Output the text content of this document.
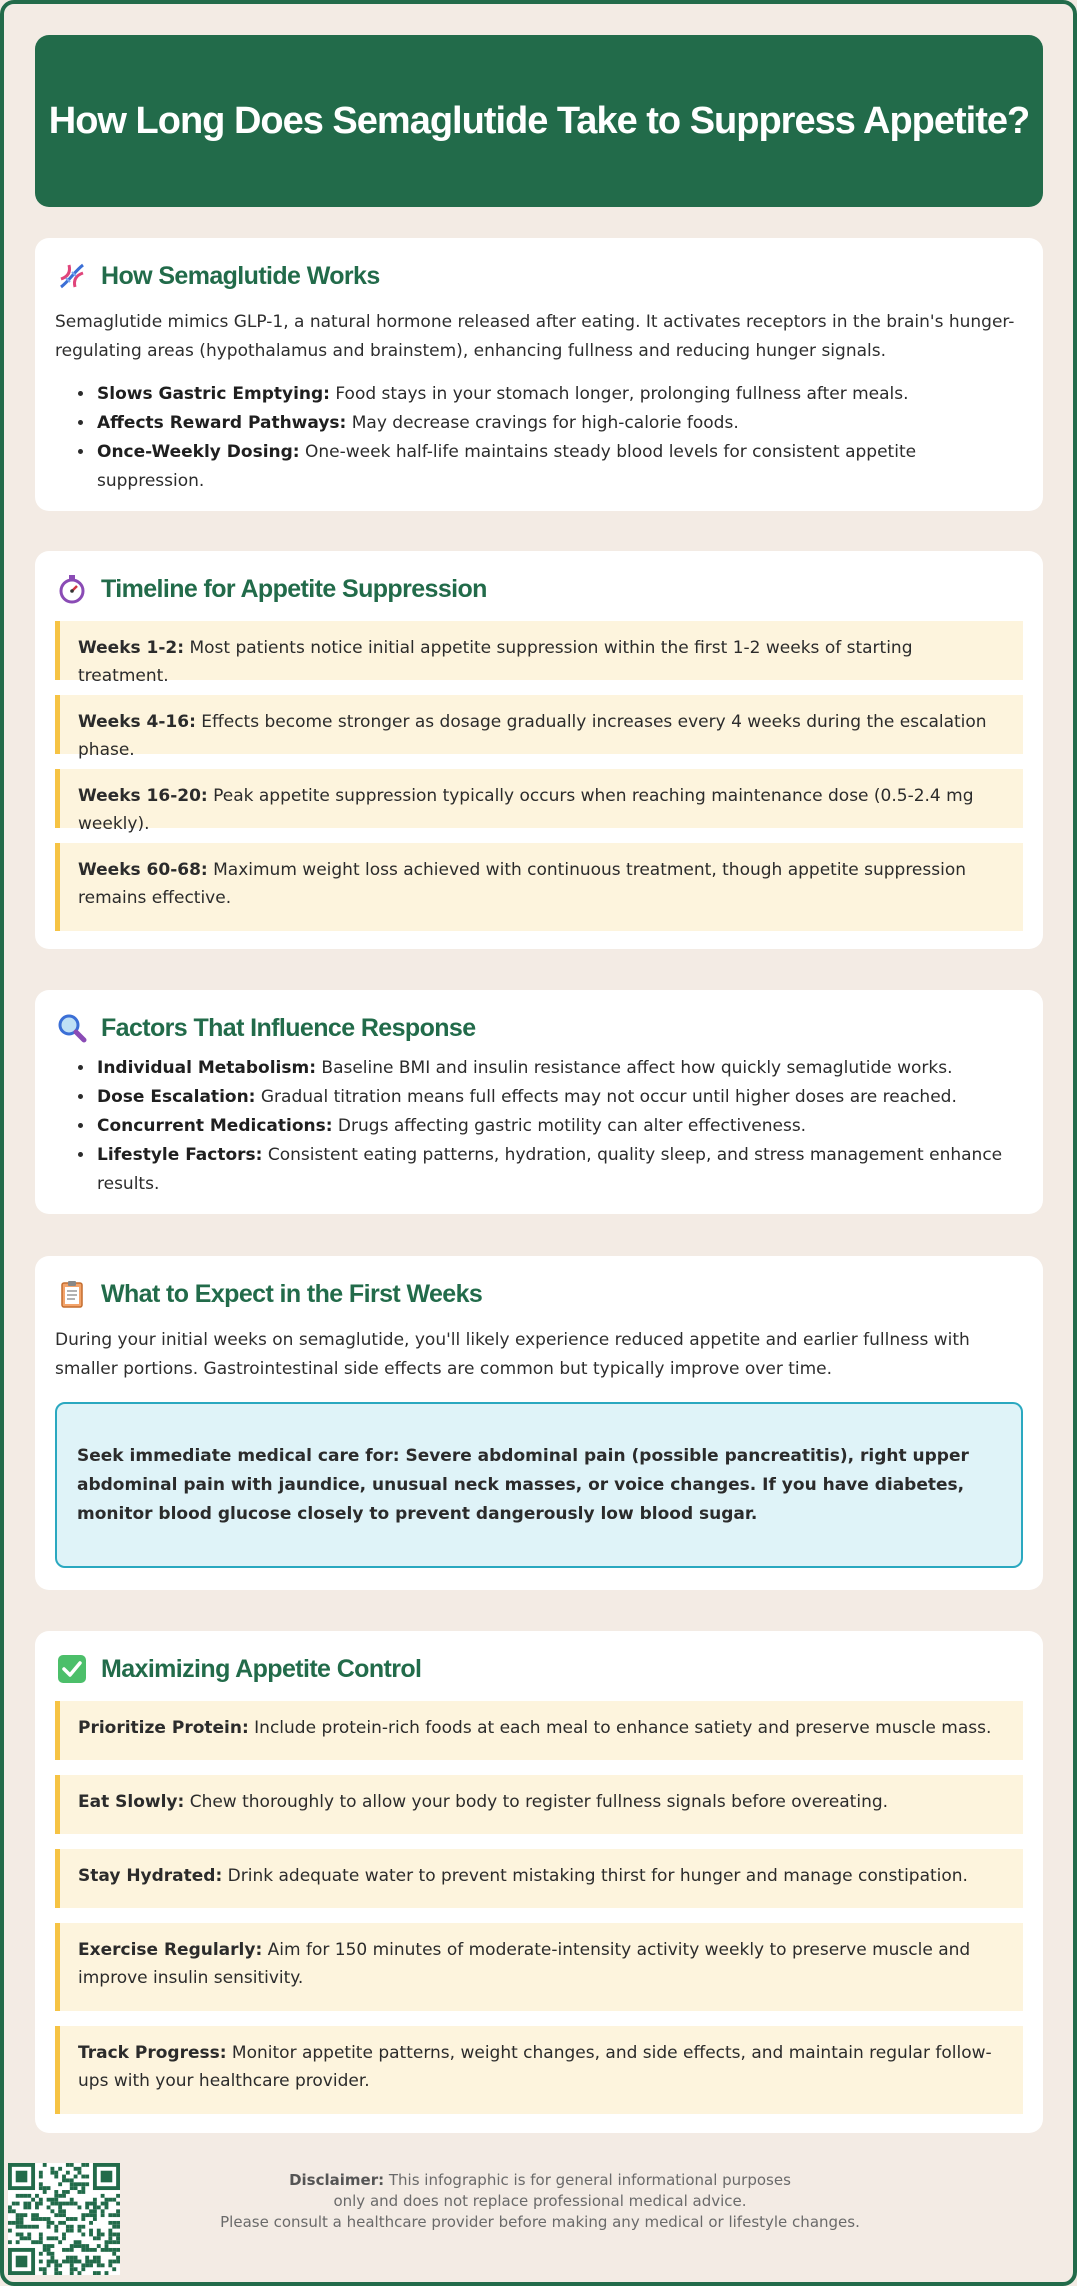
How Long Does Semaglutide Take to Suppress Appetite?
How Semaglutide Works

Semaglutide mimics GLP-1, a natural hormone released after eating. It activates receptors in the brain's hunger-regulating areas (hypothalamus and brainstem), enhancing fullness and reducing hunger signals.

• Slows Gastric Emptying: Food stays in your stomach longer, prolonging fullness after meals.
• Affects Reward Pathways: May decrease cravings for high-calorie foods.
• Once-Weekly Dosing: One-week half-life maintains steady blood levels for consistent appetite suppression.
Timeline for Appetite Suppression
Weeks 1-2: Most patients notice initial appetite suppression within the first 1-2 weeks of starting treatment.
Weeks 4-16: Effects become stronger as dosage gradually increases every 4 weeks during the escalation phase.
Weeks 16-20: Peak appetite suppression typically occurs when reaching maintenance dose (0.5-2.4 mg weekly).
Weeks 60-68: Maximum weight loss achieved with continuous treatment, though appetite suppression remains effective.
Factors That Influence Response
• Individual Metabolism: Baseline BMI and insulin resistance affect how quickly semaglutide works.
• Dose Escalation: Gradual titration means full effects may not occur until higher doses are reached.
• Concurrent Medications: Drugs affecting gastric motility can alter effectiveness.
• Lifestyle Factors: Consistent eating patterns, hydration, quality sleep, and stress management enhance results.
What to Expect in the First Weeks

During your initial weeks on semaglutide, you'll likely experience reduced appetite and earlier fullness with smaller portions. Gastrointestinal side effects are common but typically improve over time.

Seek immediate medical care for: Severe abdominal pain (possible pancreatitis), right upper abdominal pain with jaundice, unusual neck masses, or voice changes. If you have diabetes, monitor blood glucose closely to prevent dangerously low blood sugar.
Maximizing Appetite Control
Prioritize Protein: Include protein-rich foods at each meal to enhance satiety and preserve muscle mass.
Eat Slowly: Chew thoroughly to allow your body to register fullness signals before overeating.
Stay Hydrated: Drink adequate water to prevent mistaking thirst for hunger and manage constipation.
Exercise Regularly: Aim for 150 minutes of moderate-intensity activity weekly to preserve muscle and improve insulin sensitivity.
Track Progress: Monitor appetite patterns, weight changes, and side effects, and maintain regular follow-ups with your healthcare provider.
Disclaimer: This infographic is for general informational purposes
only and does not replace professional medical advice.
Please consult a healthcare provider before making any medical or lifestyle changes.
